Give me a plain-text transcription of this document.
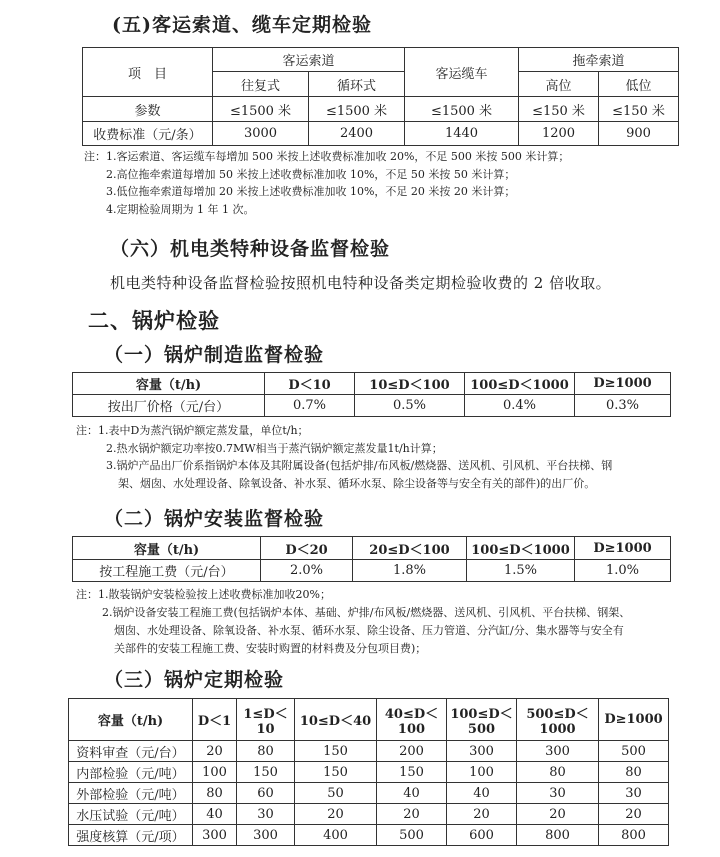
(五)客运索道、缆车定期检验
项　目	客运索道		客运缆车	拖牵索道	
	往复式	循环式		高位	低位
参数	≤1500 米	≤1500 米	≤1500 米	≤150 米	≤150 米
收费标准（元/条）	3000	2400	1440	1200	900
注：1.客运索道、客运缆车每增加 500 米按上述收费标准加收 20%，不足 500 米按 500 米计算；
2.高位拖牵索道每增加 50 米按上述收费标准加收 10%，不足 50 米按 50 米计算；
3.低位拖牵索道每增加 20 米按上述收费标准加收 10%，不足 20 米按 20 米计算；
4.定期检验周期为 1 年 1 次。
（六）机电类特种设备监督检验
机电类特种设备监督检验按照机电特种设备类定期检验收费的 2 倍收取。
二、锅炉检验
（一）锅炉制造监督检验
容量（t/h)	D＜10	10≤D＜100	100≤D＜1000	D≥1000
按出厂价格（元/台）	0.7%	0.5%	0.4%	0.3%
注：1.表中D为蒸汽锅炉额定蒸发量，单位t/h；
2.热水锅炉额定功率按0.7MW相当于蒸汽锅炉额定蒸发量1t/h计算；
3.锅炉产品出厂价系指锅炉本体及其附属设备(包括炉排/布风板/燃烧器、送风机、引风机、平台扶梯、钢
架、烟囱、水处理设备、除氧设备、补水泵、循环水泵、除尘设备等与安全有关的部件)的出厂价。
（二）锅炉安装监督检验
容量（t/h)	D＜20	20≤D＜100	100≤D＜1000	D≥1000
按工程施工费（元/台）	2.0%	1.8%	1.5%	1.0%
注：1.散装锅炉安装检验按上述收费标准加收20%；
2.锅炉设备安装工程施工费(包括锅炉本体、基础、炉排/布风板/燃烧器、送风机、引风机、平台扶梯、钢架、
烟囱、水处理设备、除氧设备、补水泵、循环水泵、除尘设备、压力管道、分汽缸/分、集水器等与安全有
关部件的安装工程施工费、安装时购置的材料费及分包项目费)；
（三）锅炉定期检验
容量（t/h)	D＜1	1≤D＜10	10≤D＜40	40≤D＜100	100≤D＜500	500≤D＜1000	D≥1000
资料审查（元/台）	20	80	150	200	300	300	500
内部检验（元/吨）	100	150	150	150	100	80	80
外部检验（元/吨）	80	60	50	40	40	30	30
水压试验（元/吨）	40	30	20	20	20	20	20
强度核算（元/项）	300	300	400	500	600	800	800
